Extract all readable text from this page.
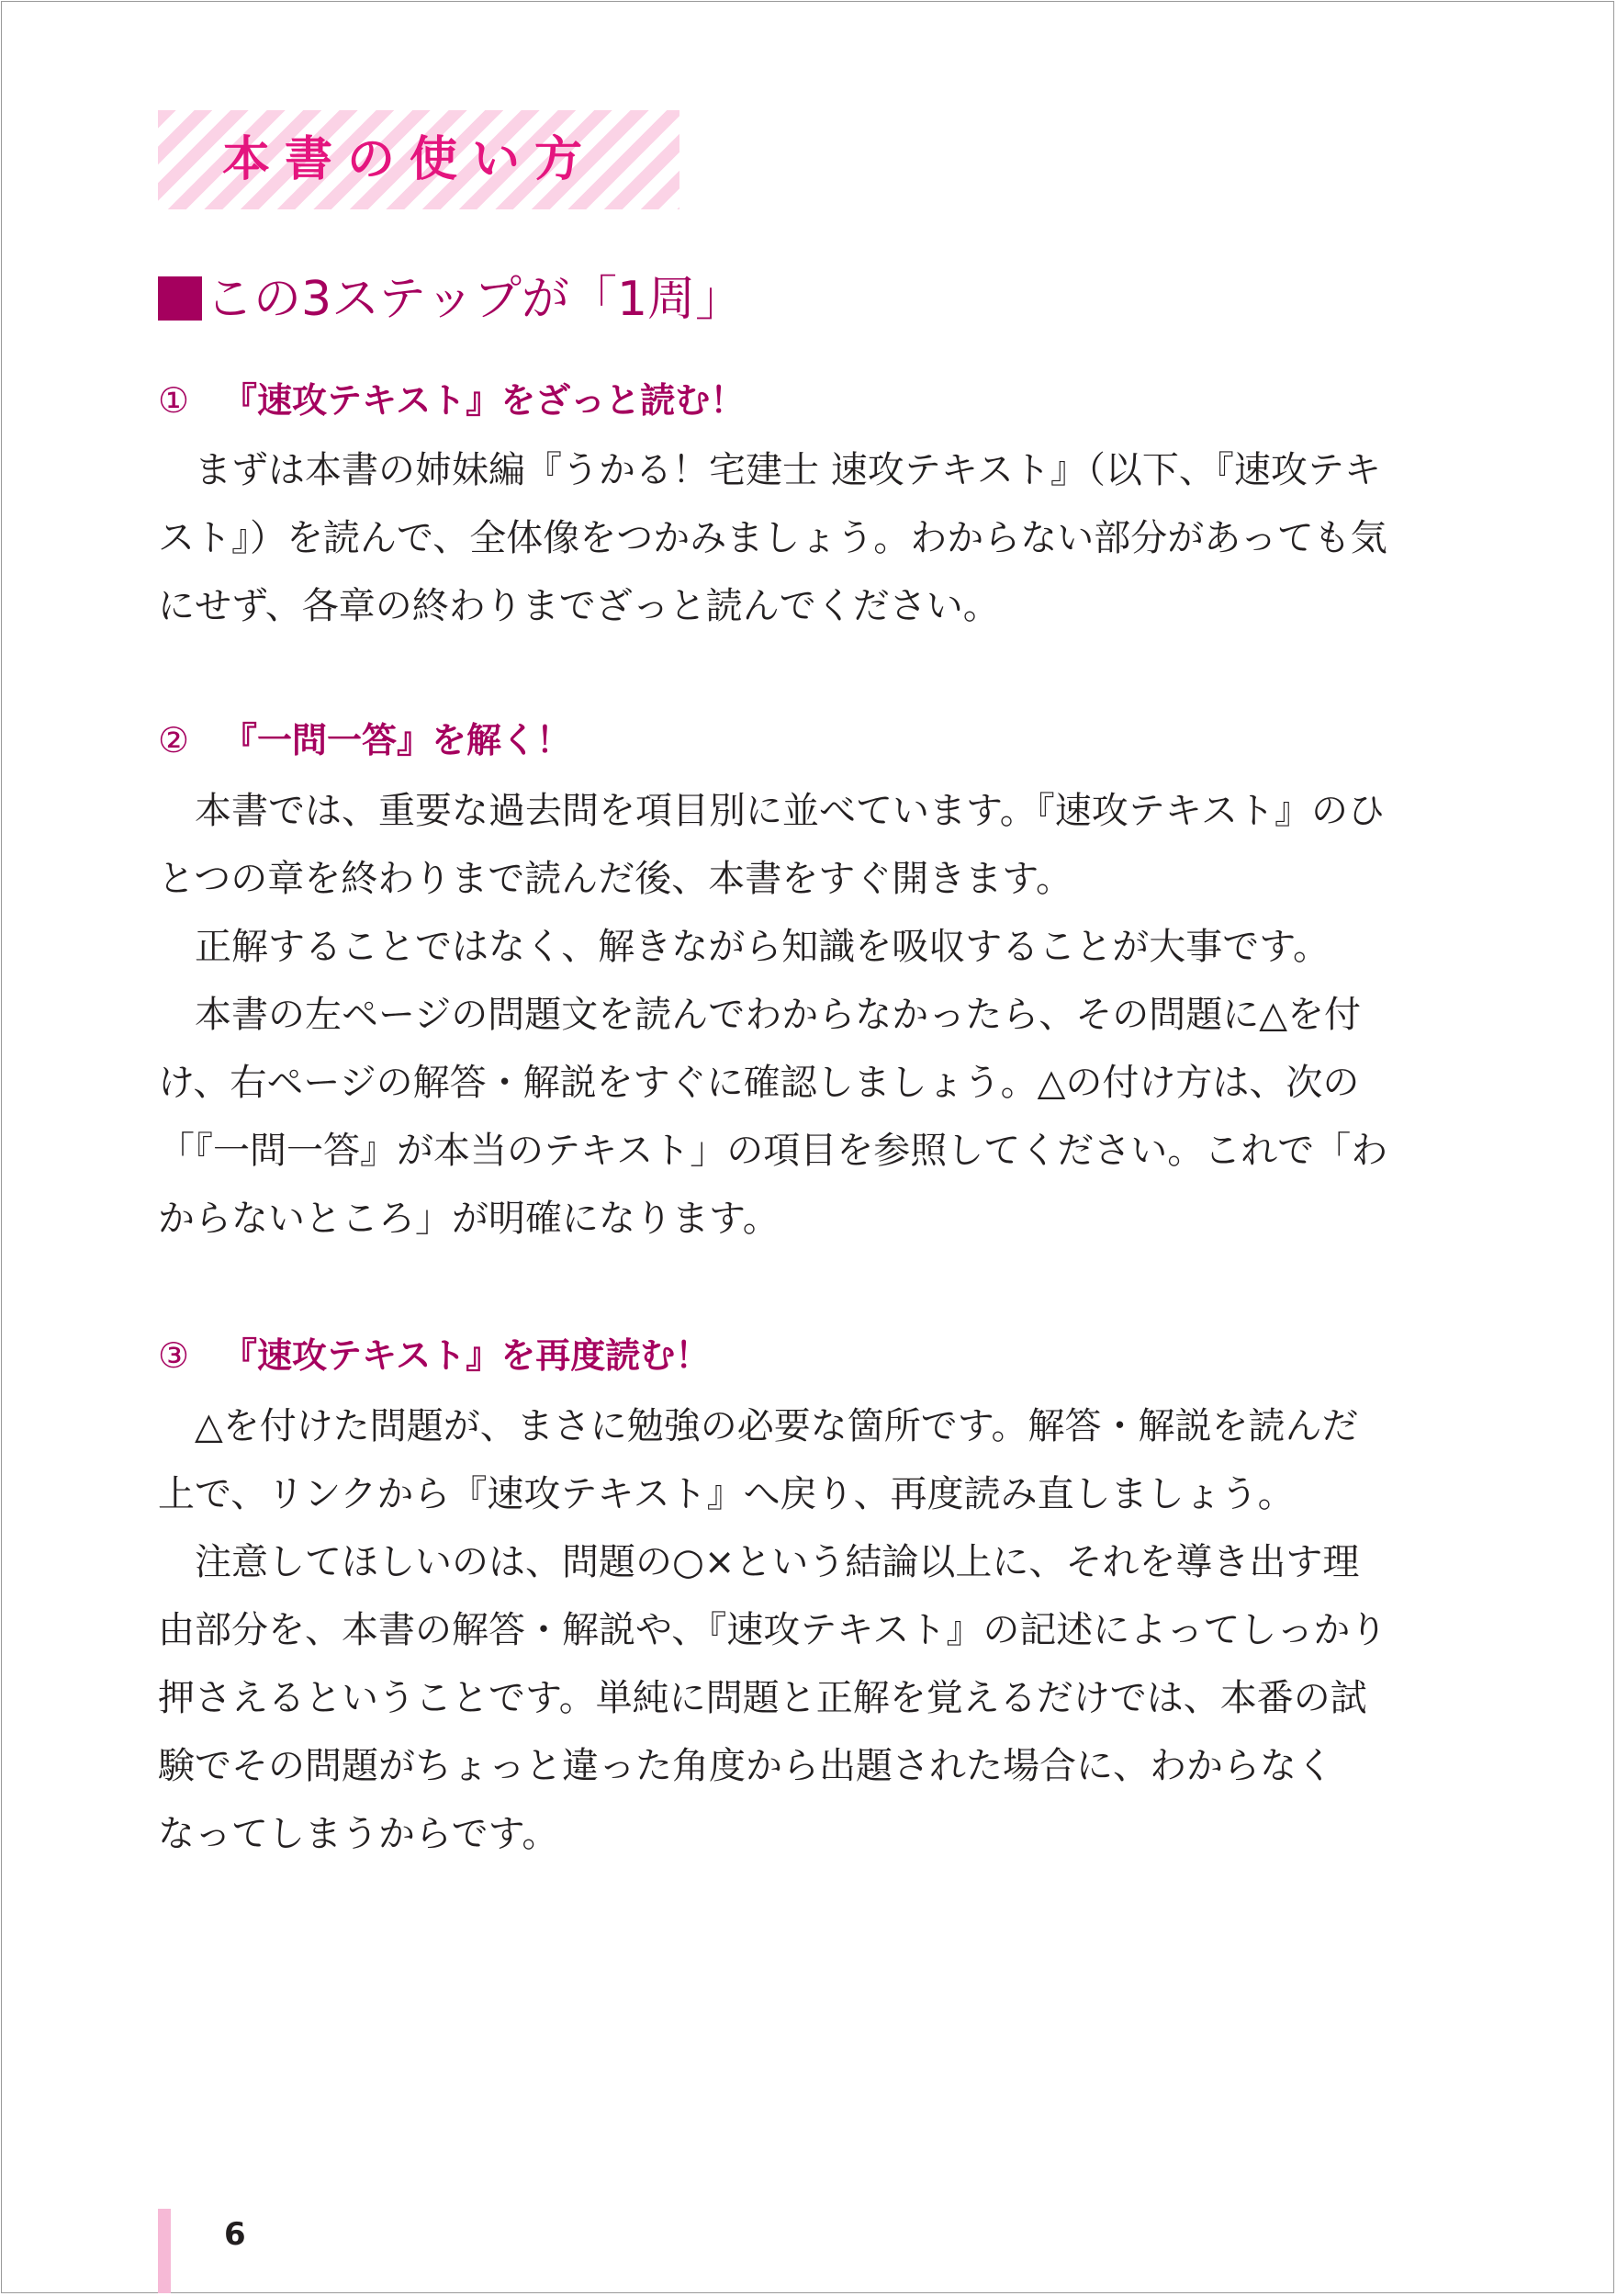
本書の使い方
この3ステップが「1周」
① 『速攻テキスト』をざっと読む！
　まずは本書の姉妹編『うかる！宅建士 速攻テキスト』（以下、『速攻テキ
スト』）を読んで、全体像をつかみましょう。わからない部分があっても気
にせず、各章の終わりまでざっと読んでください。
② 『一問一答』を解く！
　本書では、重要な過去問を項目別に並べています。『速攻テキスト』のひ
とつの章を終わりまで読んだ後、本書をすぐ開きます。
　正解することではなく、解きながら知識を吸収することが大事です。
　本書の左ページの問題文を読んでわからなかったら、その問題に△を付
け、右ページの解答・解説をすぐに確認しましょう。△の付け方は、次の
「『一問一答』が本当のテキスト」の項目を参照してください。これで「わ
からないところ」が明確になります。
③ 『速攻テキスト』を再度読む！
　△を付けた問題が、まさに勉強の必要な箇所です。解答・解説を読んだ
上で、リンクから『速攻テキスト』へ戻り、再度読み直しましょう。
　注意してほしいのは、問題の○×という結論以上に、それを導き出す理
由部分を、本書の解答・解説や、『速攻テキスト』の記述によってしっかり
押さえるということです。単純に問題と正解を覚えるだけでは、本番の試
験でその問題がちょっと違った角度から出題された場合に、わからなく
なってしまうからです。
6
